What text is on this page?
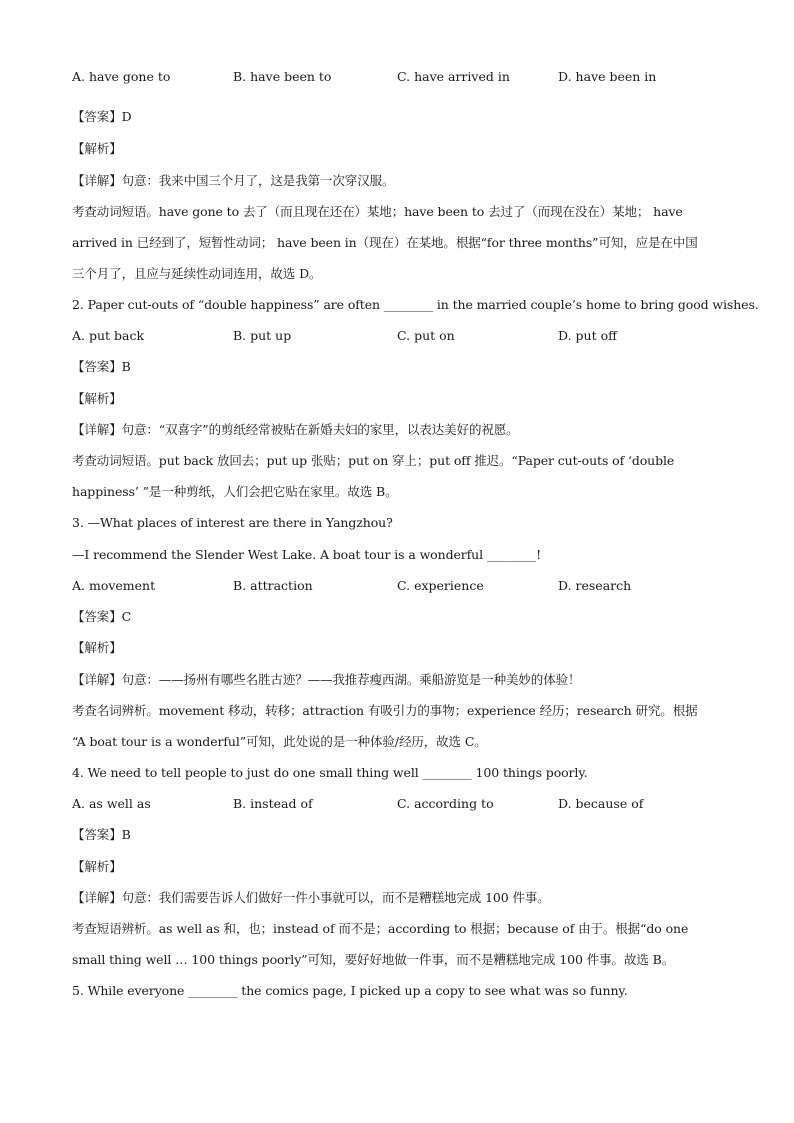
A. have gone to	B. have been to	C. have arrived in	D. have been in
【答案】D
【解析】
【详解】句意：我来中国三个月了，这是我第一次穿汉服。
考查动词短语。have gone to 去了（而且现在还在）某地；have been to 去过了（而现在没在）某地； have
arrived in 已经到了，短暂性动词； have been in（现在）在某地。根据“for three months”可知，应是在中国
三个月了，且应与延续性动词连用，故选 D。
2. Paper cut-outs of “double happiness” are often ________ in the married couple’s home to bring good wishes.
A. put back	B. put up	C. put on	D. put off
【答案】B
【解析】
【详解】句意：“双喜字”的剪纸经常被贴在新婚夫妇的家里，以表达美好的祝愿。
考查动词短语。put back 放回去；put up 张贴；put on 穿上；put off 推迟。“Paper cut-outs of ‘double
happiness’ ”是一种剪纸，人们会把它贴在家里。故选 B。
3. —What places of interest are there in Yangzhou?
—I recommend the Slender West Lake. A boat tour is a wonderful ________!
A. movement	B. attraction	C. experience	D. research
【答案】C
【解析】
【详解】句意：——扬州有哪些名胜古迹？——我推荐瘦西湖。乘船游览是一种美妙的体验！
考查名词辨析。movement 移动，转移；attraction 有吸引力的事物；experience 经历；research 研究。根据
“A boat tour is a wonderful”可知，此处说的是一种体验/经历，故选 C。
4. We need to tell people to just do one small thing well ________ 100 things poorly.
A. as well as	B. instead of	C. according to	D. because of
【答案】B
【解析】
【详解】句意：我们需要告诉人们做好一件小事就可以，而不是糟糕地完成 100 件事。
考查短语辨析。as well as 和，也；instead of 而不是；according to 根据；because of 由于。根据“do one
small thing well … 100 things poorly”可知，要好好地做一件事，而不是糟糕地完成 100 件事。故选 B。
5. While everyone ________ the comics page, I picked up a copy to see what was so funny.
